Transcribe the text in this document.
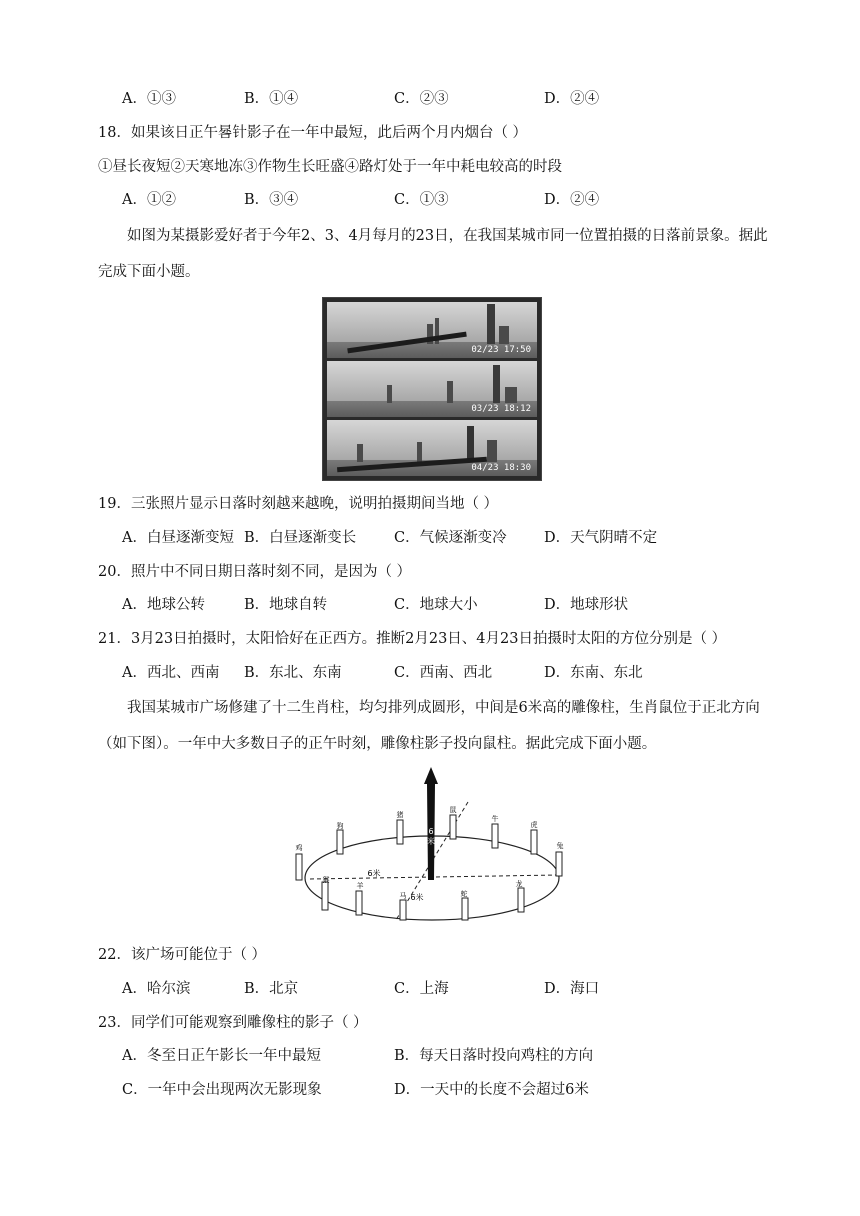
A．①③	B．①④	C．②③	D．②④
18．如果该日正午晷针影子在一年中最短，此后两个月内烟台（ ）
①昼长夜短②天寒地冻③作物生长旺盛④路灯处于一年中耗电较高的时段
A．①②	B．③④	C．①③	D．②④
如图为某摄影爱好者于今年2、3、4月每月的23日，在我国某城市同一位置拍摄的日落前景象。据此完成下面小题。
02/23 17:50
03/23 18:12
04/23 18:30
19．三张照片显示日落时刻越来越晚，说明拍摄期间当地（ ）
A．白昼逐渐变短 B．白昼逐渐变长	C．气候逐渐变冷	D．天气阴晴不定
20．照片中不同日期日落时刻不同，是因为（ ）
A．地球公转	B．地球自转	C．地球大小	D．地球形状
21．3月23日拍摄时，太阳恰好在正西方。推断2月23日、4月23日拍摄时太阳的方位分别是（ ）
A．西北、西南 B．东北、东南	C．西南、西北	D．东南、东北
我国某城市广场修建了十二生肖柱，均匀排列成圆形，中间是6米高的雕像柱，生肖鼠位于正北方向（如下图）。一年中大多数日子的正午时刻，雕像柱影子投向鼠柱。据此完成下面小题。
狗
猪
鼠
牛
虎
兔
龙
蛇
马
羊
猴
鸡
6 米
6米
6米
22．该广场可能位于（ ）
A．哈尔滨	B．北京	C．上海	D．海口
23．同学们可能观察到雕像柱的影子（ ）
A．冬至日正午影长一年中最短	B．每天日落时投向鸡柱的方向
C．一年中会出现两次无影现象	D．一天中的长度不会超过6米
